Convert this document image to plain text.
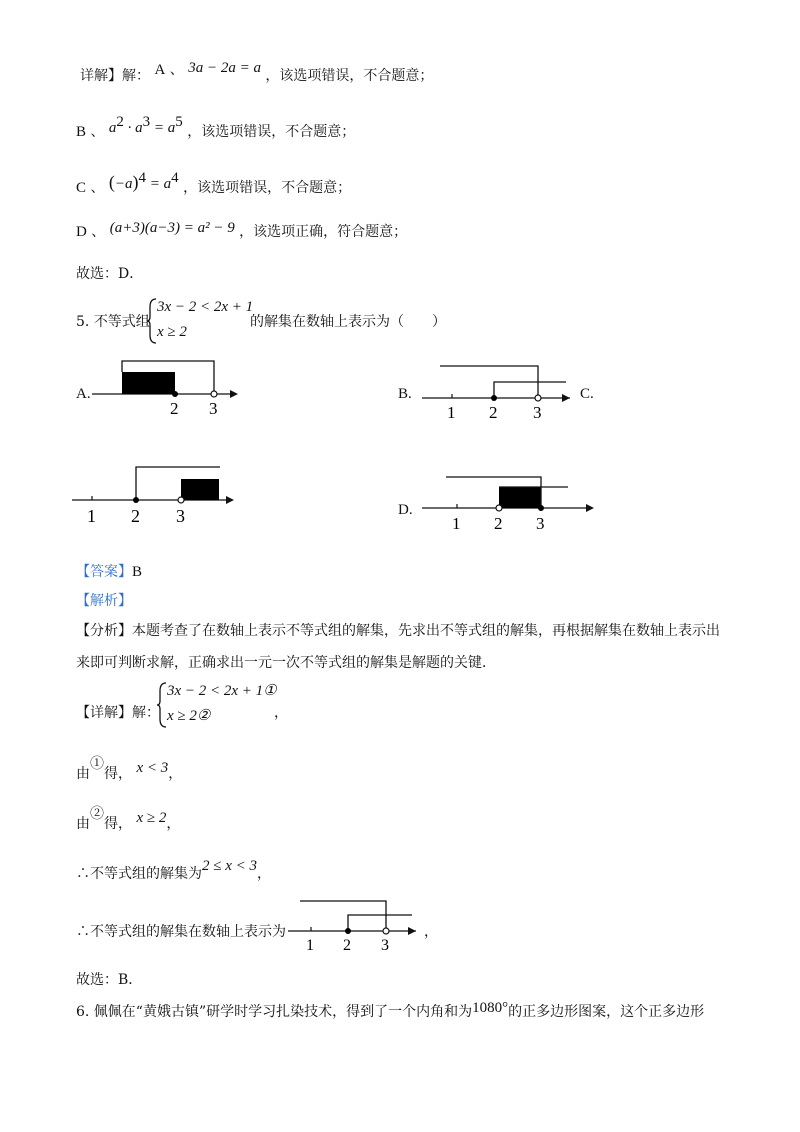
详解】解： A 、 3a − 2a = a ，该选项错误，不合题意；
B 、 $a^2 \cdot a^3 = a^5$ ，该选项错误，不合题意；
C 、 $(-a)^4 = a^4$ ，该选项错误，不合题意；
D 、 (a+3)(a−3) = a² − 9 ，该选项正确，符合题意；
故选：D．
5. 不等式组
3x − 2 < 2x + 1
x ≥ 2
的解集在数轴上表示为（　　）
A.
2 3
B.
1 2 3
C.
1 2 3	D.
1 2 3
【答案】B
【解析】
【分析】本题考查了在数轴上表示不等式组的解集，先求出不等式组的解集，再根据解集在数轴上表示出
来即可判断求解，正确求出一元一次不等式组的解集是解题的关键．
【详解】解：
3x − 2 < 2x + 1①
x ≥ 2②	，
由①得， x < 3，
由②得， x ≥ 2，
∴不等式组的解集为2 ≤ x < 3，
∴不等式组的解集在数轴上表示为
1 2 3
，
故选：B．
6. 佩佩在“黄娥古镇”研学时学习扎染技术，得到了一个内角和为1080°的正多边形图案，这个正多边形
